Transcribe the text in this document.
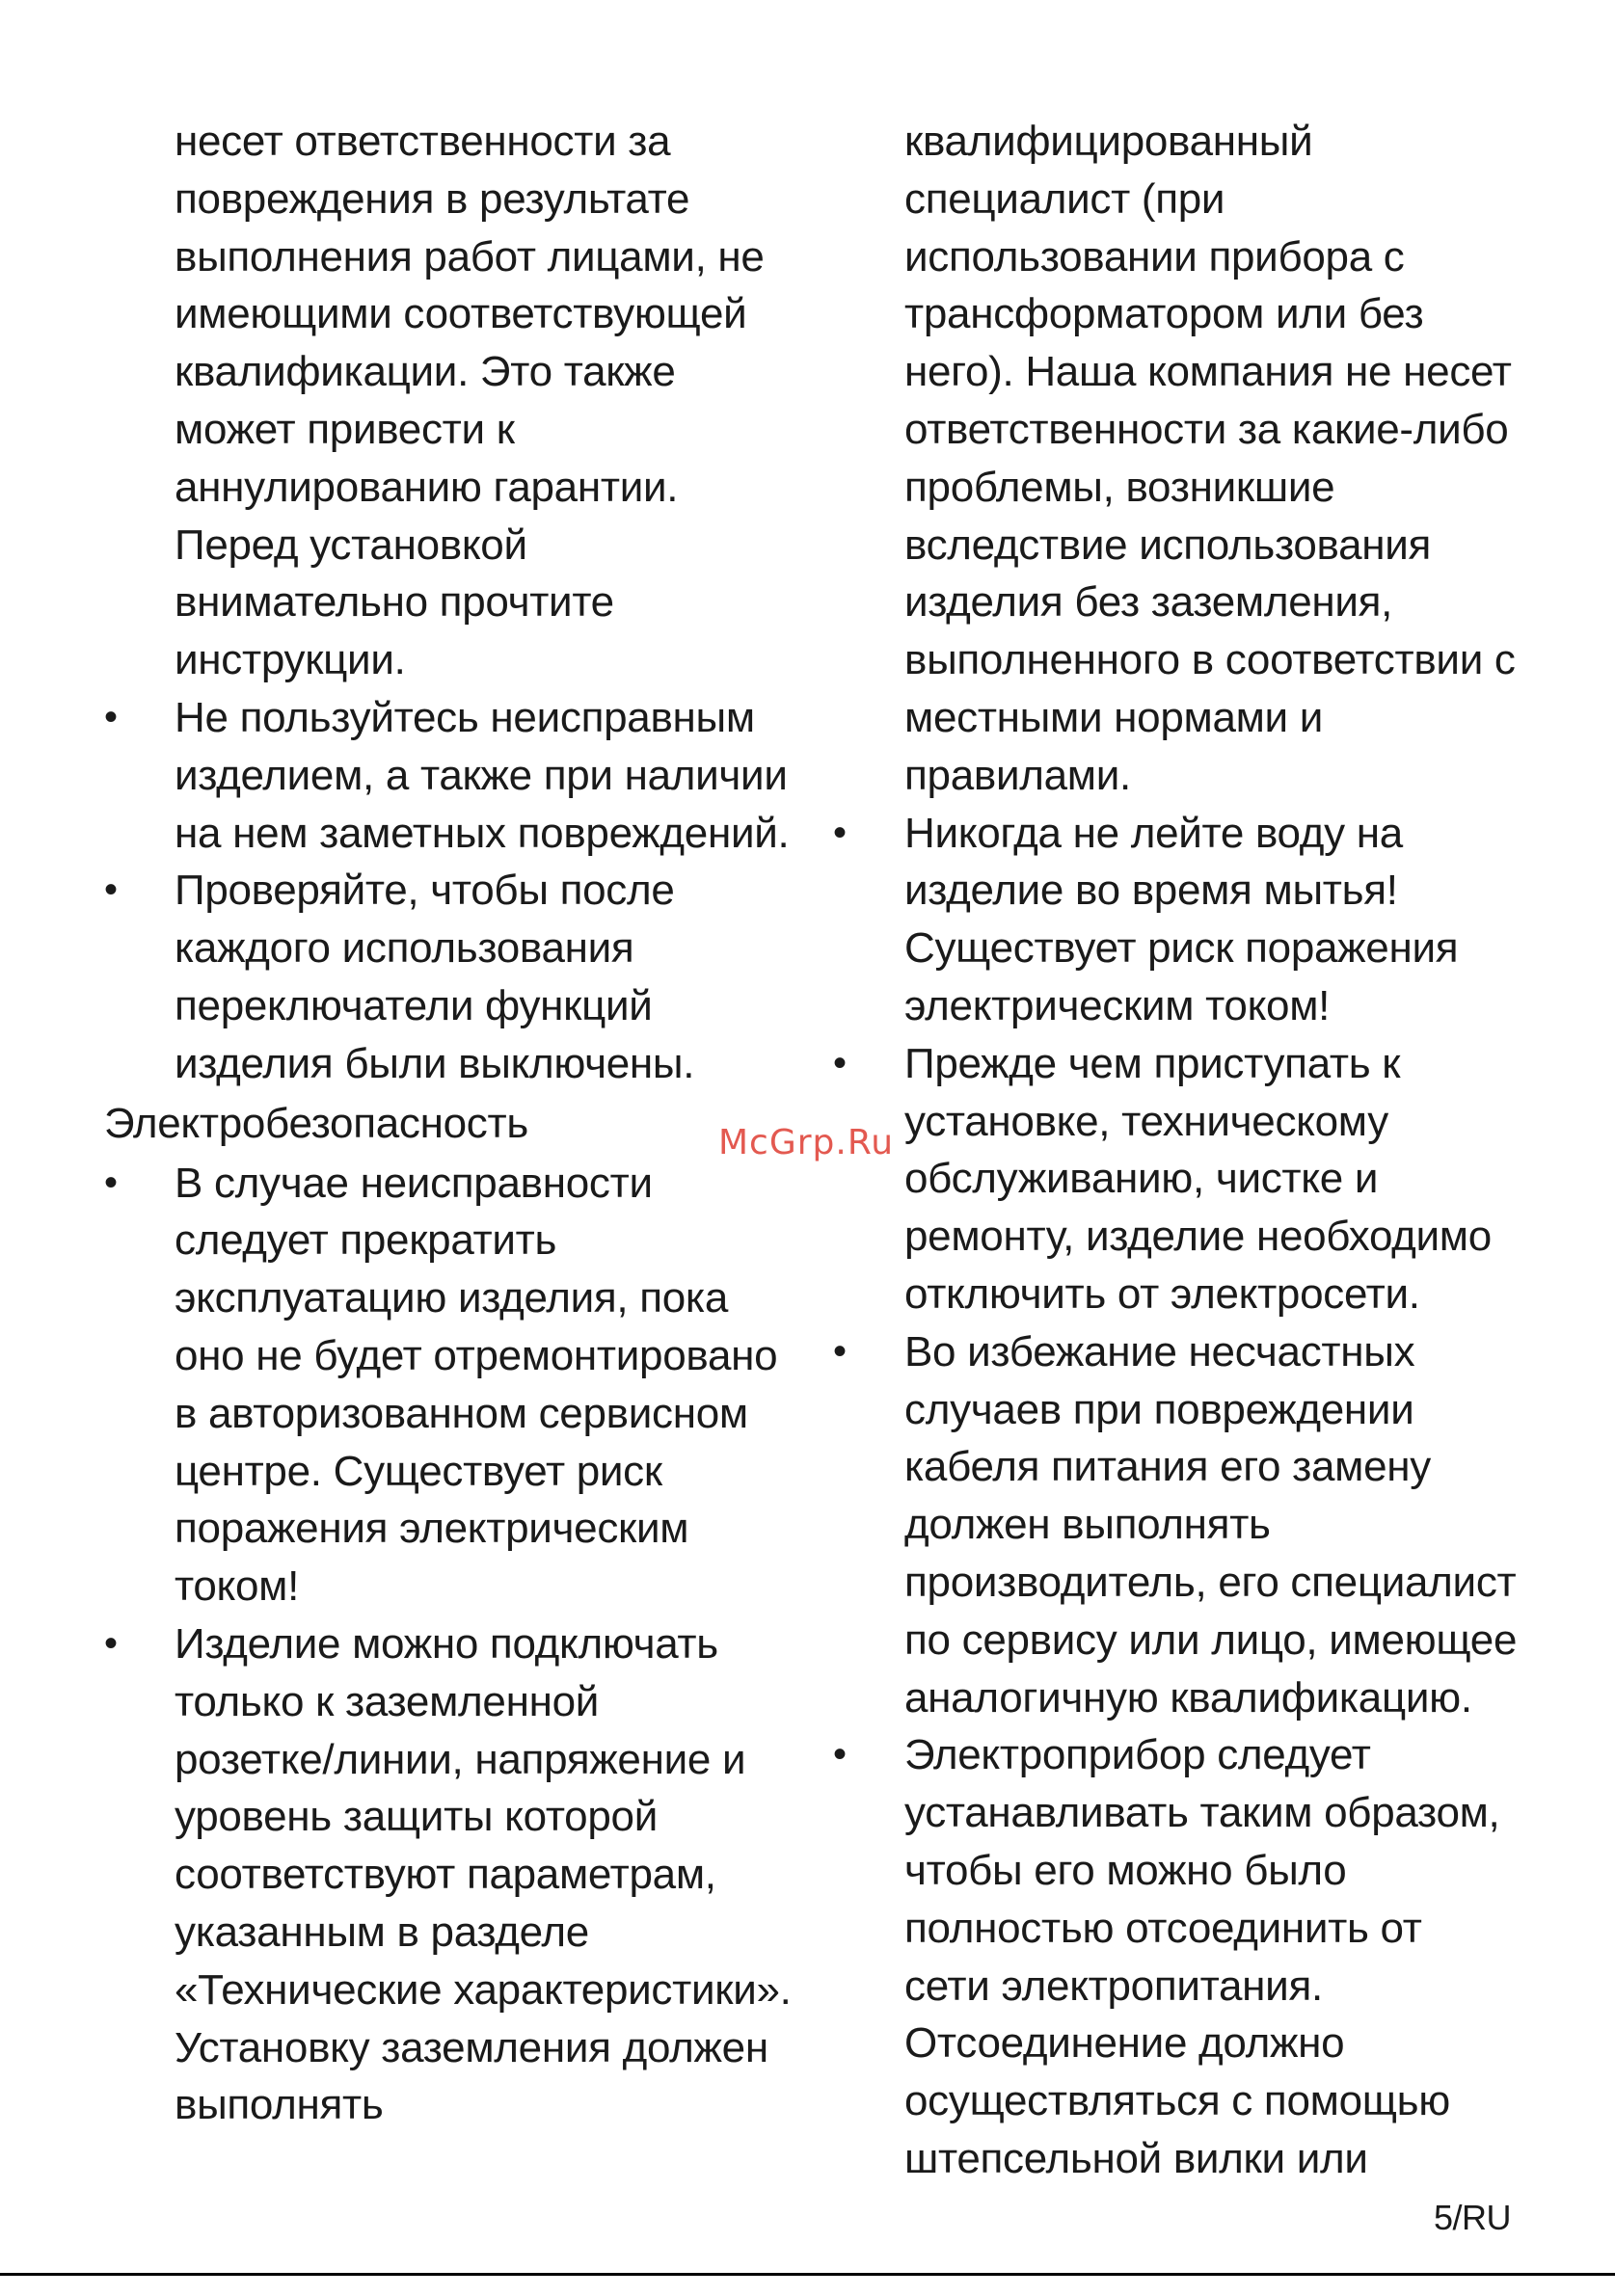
несет ответственности за
повреждения в результате
выполнения работ лицами, не
имеющими соответствующей
квалификации. Это также
может привести к
аннулированию гарантии.
Перед установкой
внимательно прочтите
инструкции.
• Не пользуйтесь неисправным
изделием, а также при наличии
на нем заметных повреждений.
• Проверяйте, чтобы после
каждого использования
переключатели функций
изделия были выключены.
Электробезопасность
• В случае неисправности
следует прекратить
эксплуатацию изделия, пока
оно не будет отремонтировано
в авторизованном сервисном
центре. Существует риск
поражения электрическим
током!
• Изделие можно подключать
только к заземленной
розетке/линии, напряжение и
уровень защиты которой
соответствуют параметрам,
указанным в разделе
«Технические характеристики».
Установку заземления должен
выполнять
квалифицированный
специалист (при
использовании прибора с
трансформатором или без
него). Наша компания не несет
ответственности за какие-либо
проблемы, возникшие
вследствие использования
изделия без заземления,
выполненного в соответствии с
местными нормами и
правилами.
• Никогда не лейте воду на
изделие во время мытья!
Существует риск поражения
электрическим током!
• Прежде чем приступать к
установке, техническому
обслуживанию, чистке и
ремонту, изделие необходимо
отключить от электросети.
• Во избежание несчастных
случаев при повреждении
кабеля питания его замену
должен выполнять
производитель, его специалист
по сервису или лицо, имеющее
аналогичную квалификацию.
• Электроприбор следует
устанавливать таким образом,
чтобы его можно было
полностью отсоединить от
сети электропитания.
Отсоединение должно
осуществляться с помощью
штепсельной вилки или
McGrp.Ru
5/RU
